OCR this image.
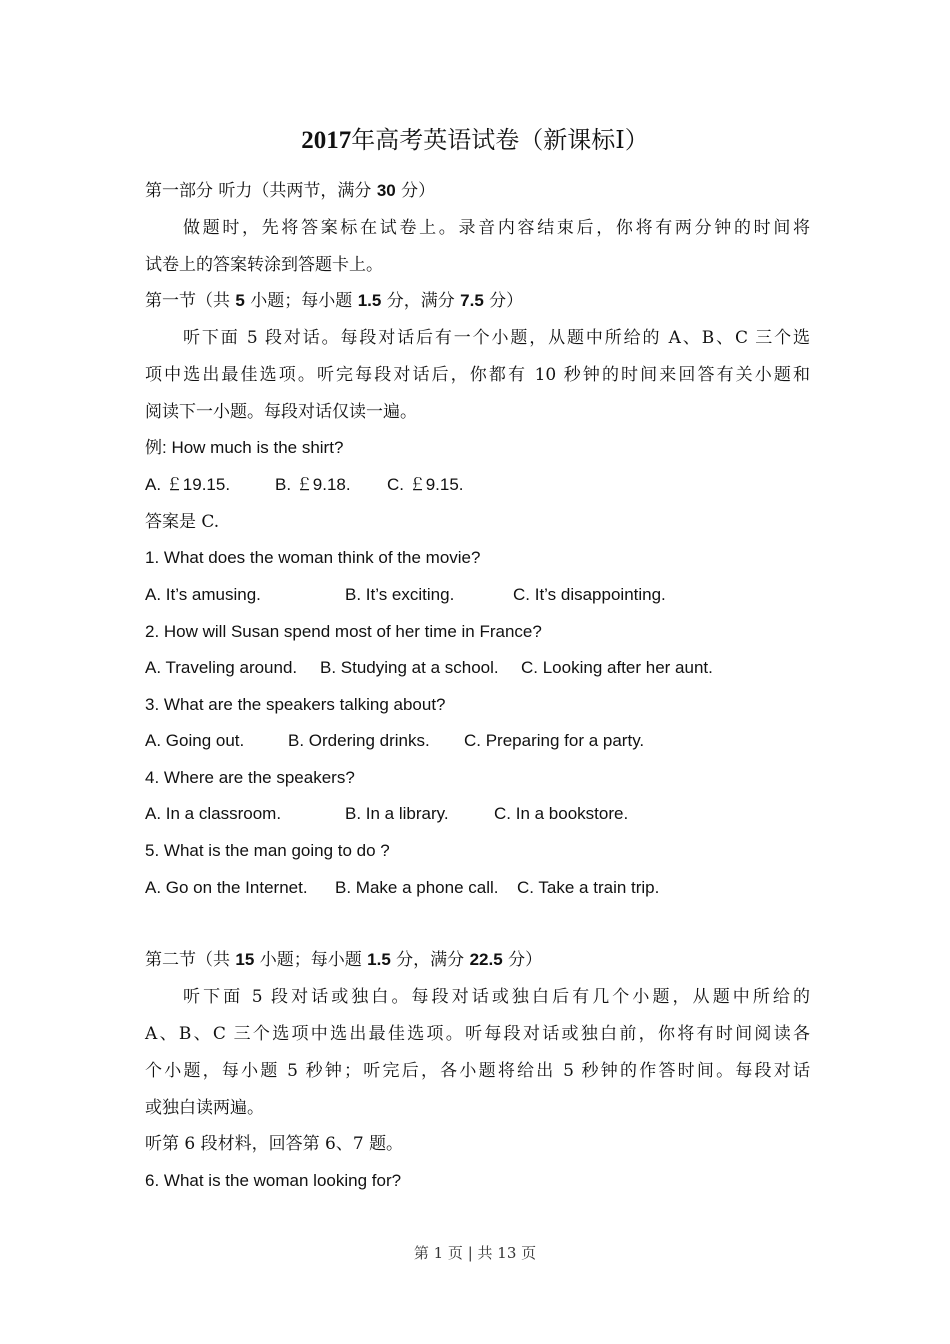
2017年高考英语试卷（新课标Ⅰ）
第一部分 听力（共两节，满分 30 分）
做题时，先将答案标在试卷上。录音内容结束后，你将有两分钟的时间将
试卷上的答案转涂到答题卡上。
第一节（共 5 小题；每小题 1.5 分，满分 7.5 分）
听下面 5 段对话。每段对话后有一个小题，从题中所给的 A、B、C 三个选
项中选出最佳选项。听完每段对话后，你都有 10 秒钟的时间来回答有关小题和
阅读下一小题。每段对话仅读一遍。
例: How much is the shirt?
A. ￡19.15.	B. ￡9.18. C. ￡9.15.
答案是 C.
1. What does the woman think of the movie?
A. It’s amusing.	B. It’s exciting.	C. It’s disappointing.
2. How will Susan spend most of her time in France?
A. Traveling around. B. Studying at a school. C. Looking after her aunt.
3. What are the speakers talking about?
A. Going out.	B. Ordering drinks. C. Preparing for a party.
4. Where are the speakers?
A. In a classroom.	B. In a library.	C. In a bookstore.
5. What is the man going to do ?
A. Go on the Internet. B. Make a phone call. C. Take a train trip.
第二节（共 15 小题；每小题 1.5 分，满分 22.5 分）
听下面 5 段对话或独白。每段对话或独白后有几个小题，从题中所给的
A、B、C 三个选项中选出最佳选项。听每段对话或独白前，你将有时间阅读各
个小题，每小题 5 秒钟；听完后，各小题将给出 5 秒钟的作答时间。每段对话
或独白读两遍。
听第 6 段材料，回答第 6、7 题。
6. What is the woman looking for?
第 1 页 | 共 13 页
